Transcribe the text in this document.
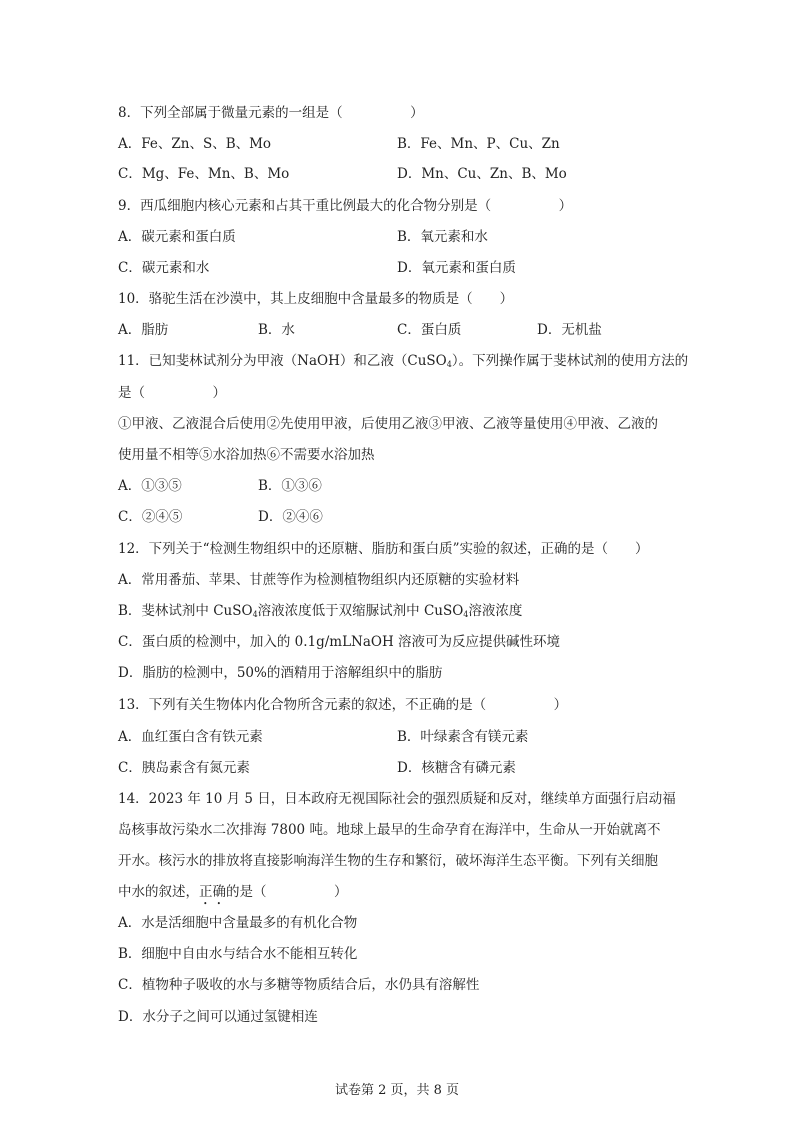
8．下列全部属于微量元素的一组是（　　　　　）
A．Fe、Zn、S、B、Mo	B．Fe、Mn、P、Cu、Zn
C．Mg、Fe、Mn、B、Mo	D．Mn、Cu、Zn、B、Mo
9．西瓜细胞内核心元素和占其干重比例最大的化合物分别是（　　　　　）
A．碳元素和蛋白质	B．氧元素和水
C．碳元素和水	D．氧元素和蛋白质
10．骆驼生活在沙漠中，其上皮细胞中含量最多的物质是（　　）
A．脂肪	B．水	C．蛋白质	D．无机盐
11．已知斐林试剂分为甲液（NaOH）和乙液（CuSO$_4$）。下列操作属于斐林试剂的使用方法的
是（　　　　　）
①甲液、乙液混合后使用②先使用甲液，后使用乙液③甲液、乙液等量使用④甲液、乙液的
使用量不相等⑤水浴加热⑥不需要水浴加热
A．①③⑤	B．①③⑥
C．②④⑤	D．②④⑥
12．下列关于“检测生物组织中的还原糖、脂肪和蛋白质”实验的叙述，正确的是（　　）
A．常用番茄、苹果、甘蔗等作为检测植物组织内还原糖的实验材料
B．斐林试剂中 CuSO$_4$溶液浓度低于双缩脲试剂中 CuSO$_4$溶液浓度
C．蛋白质的检测中，加入的 0.1g/mLNaOH 溶液可为反应提供碱性环境
D．脂肪的检测中，50%的酒精用于溶解组织中的脂肪
13．下列有关生物体内化合物所含元素的叙述，不正确的是（　　　　　）
A．血红蛋白含有铁元素	B．叶绿素含有镁元素
C．胰岛素含有氮元素	D．核糖含有磷元素
14．2023 年 10 月 5 日，日本政府无视国际社会的强烈质疑和反对，继续单方面强行启动福
岛核事故污染水二次排海 7800 吨。地球上最早的生命孕育在海洋中，生命从一开始就离不
开水。核污水的排放将直接影响海洋生物的生存和繁衍，破坏海洋生态平衡。下列有关细胞
中水的叙述，正确的是（　　　　　）
A．水是活细胞中含量最多的有机化合物
B．细胞中自由水与结合水不能相互转化
C．植物种子吸收的水与多糖等物质结合后，水仍具有溶解性
D．水分子之间可以通过氢键相连
试卷第 2 页，共 8 页
